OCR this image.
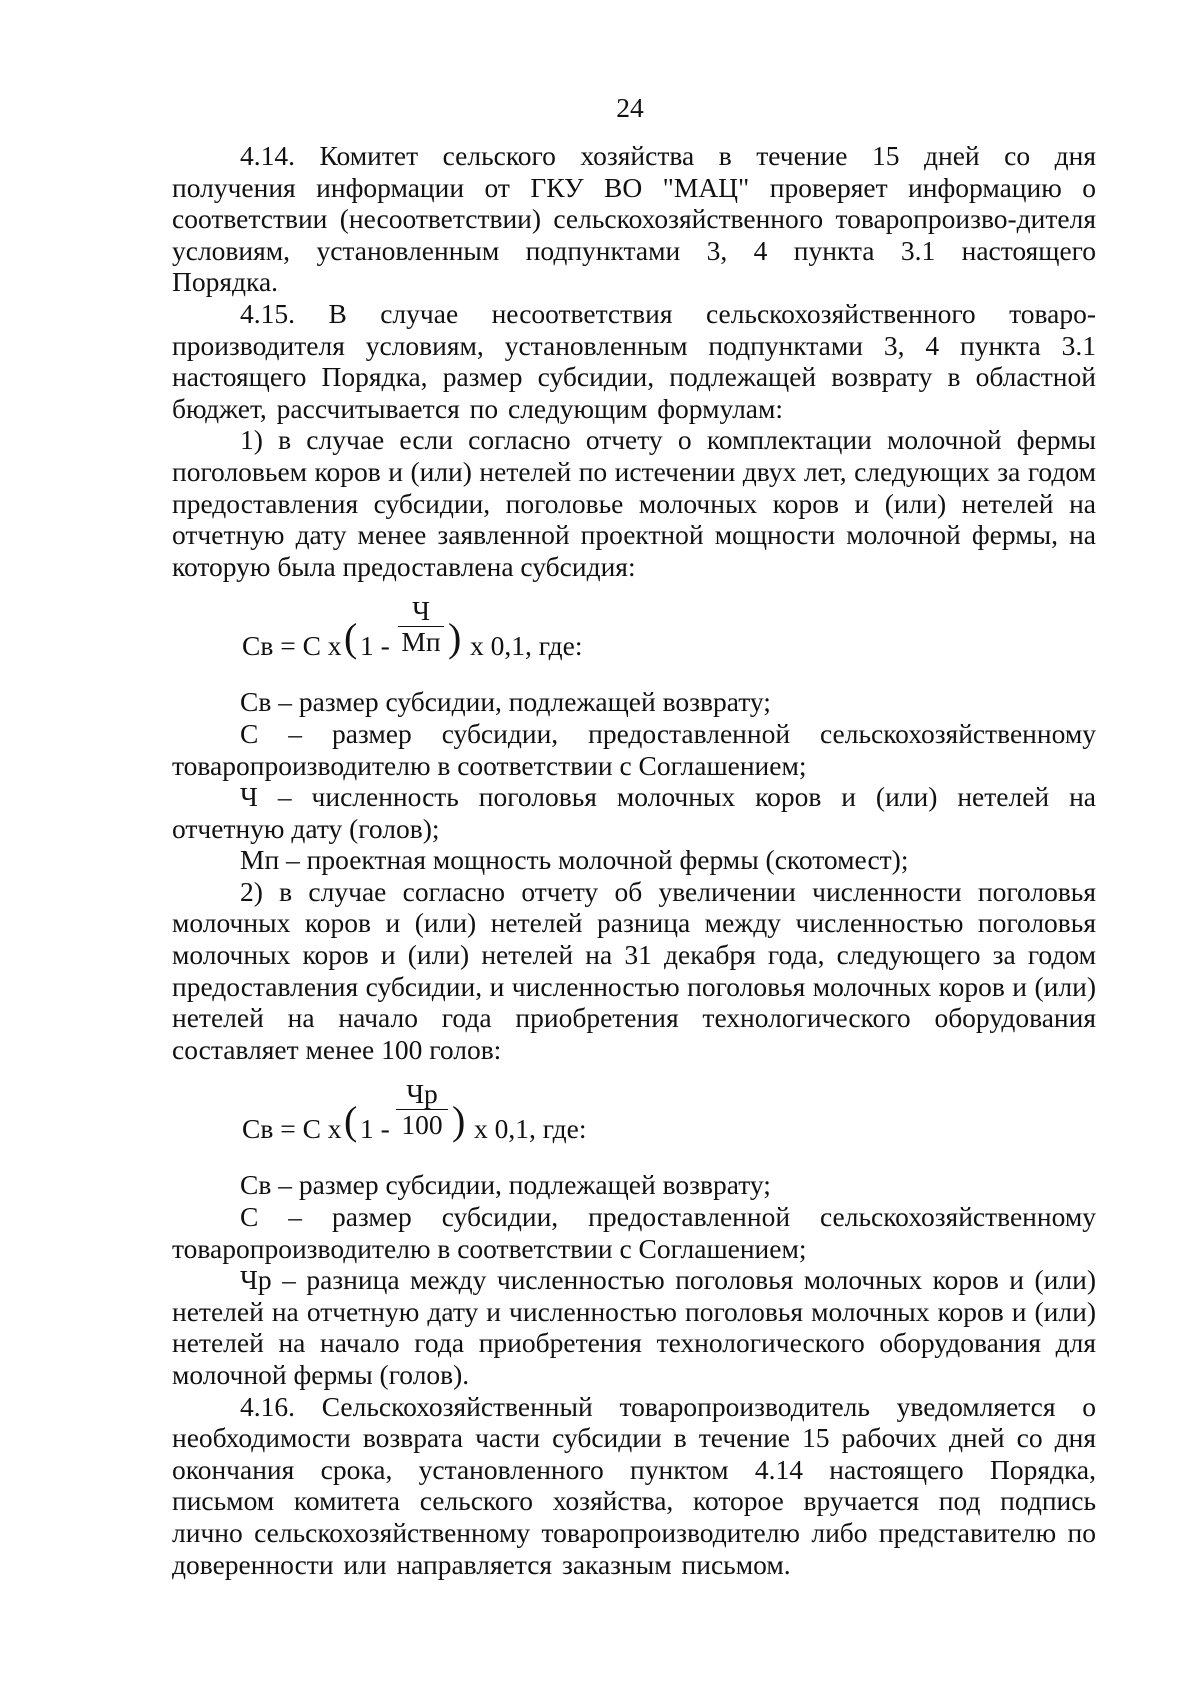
24

4.14. Комитет сельского хозяйства в течение 15 дней со дня получения информации от ГКУ ВО "МАЦ" проверяет информацию о соответствии (несоответствии) сельскохозяйственного товаропроизво-дителя условиям, установленным подпунктами 3, 4 пункта 3.1 настоящего Порядка.

4.15. В случае несоответствия сельскохозяйственного товаро-производителя условиям, установленным подпунктами 3, 4 пункта 3.1 настоящего Порядка, размер субсидии, подлежащей возврату в областной бюджет, рассчитывается по следующим формулам:

1) в случае если согласно отчету о комплектации молочной фермы поголовьем коров и (или) нетелей по истечении двух лет, следующих за годом предоставления субсидии, поголовье молочных коров и (или) нетелей на отчетную дату менее заявленной проектной мощности молочной фермы, на которую была предоставлена субсидия:

Св = С х ( 1 -
Ч
Мп ) х 0,1, где:

Св – размер субсидии, подлежащей возврату;

С – размер субсидии, предоставленной сельскохозяйственному товаропроизводителю в соответствии с Соглашением;

Ч – численность поголовья молочных коров и (или) нетелей на отчетную дату (голов);

Мп – проектная мощность молочной фермы (скотомест);

2) в случае согласно отчету об увеличении численности поголовья молочных коров и (или) нетелей разница между численностью поголовья молочных коров и (или) нетелей на 31 декабря года, следующего за годом предоставления субсидии, и численностью поголовья молочных коров и (или) нетелей на начало года приобретения технологического оборудования составляет менее 100 голов:

Св = С х ( 1 -
Чр
100 ) х 0,1, где:

Св – размер субсидии, подлежащей возврату;

С – размер субсидии, предоставленной сельскохозяйственному товаропроизводителю в соответствии с Соглашением;

Чр – разница между численностью поголовья молочных коров и (или) нетелей на отчетную дату и численностью поголовья молочных коров и (или) нетелей на начало года приобретения технологического оборудования для молочной фермы (голов).

4.16. Сельскохозяйственный товаропроизводитель уведомляется о необходимости возврата части субсидии в течение 15 рабочих дней со дня окончания срока, установленного пунктом 4.14 настоящего Порядка, письмом комитета сельского хозяйства, которое вручается под подпись лично сельскохозяйственному товаропроизводителю либо представителю по доверенности или направляется заказным письмом.
